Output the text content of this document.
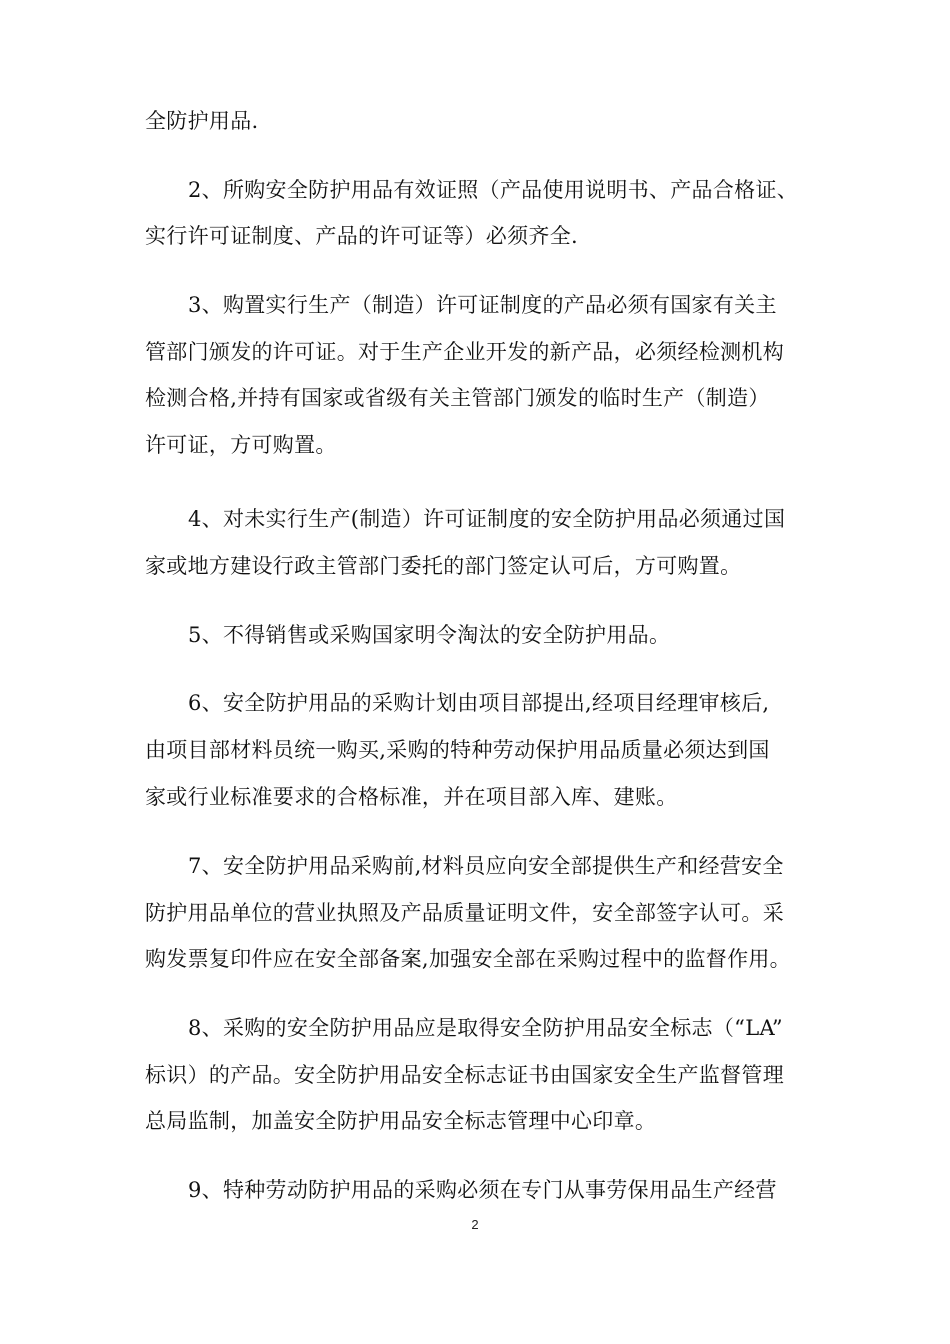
全防护用品.

2、所购安全防护用品有效证照（产品使用说明书、产品合格证、

实行许可证制度、产品的许可证等）必须齐全.

3、购置实行生产（制造）许可证制度的产品必须有国家有关主

管部门颁发的许可证。对于生产企业开发的新产品，必须经检测机构

检测合格,并持有国家或省级有关主管部门颁发的临时生产（制造）

许可证，方可购置。

4、对未实行生产(制造）许可证制度的安全防护用品必须通过国

家或地方建设行政主管部门委托的部门签定认可后，方可购置。

5、不得销售或采购国家明令淘汰的安全防护用品。

6、安全防护用品的采购计划由项目部提出,经项目经理审核后,

由项目部材料员统一购买,采购的特种劳动保护用品质量必须达到国

家或行业标准要求的合格标准，并在项目部入库、建账。

7、安全防护用品采购前,材料员应向安全部提供生产和经营安全

防护用品单位的营业执照及产品质量证明文件，安全部签字认可。采

购发票复印件应在安全部备案,加强安全部在采购过程中的监督作用。

8、采购的安全防护用品应是取得安全防护用品安全标志（“LA”

标识）的产品。安全防护用品安全标志证书由国家安全生产监督管理

总局监制，加盖安全防护用品安全标志管理中心印章。

9、特种劳动防护用品的采购必须在专门从事劳保用品生产经营

2
